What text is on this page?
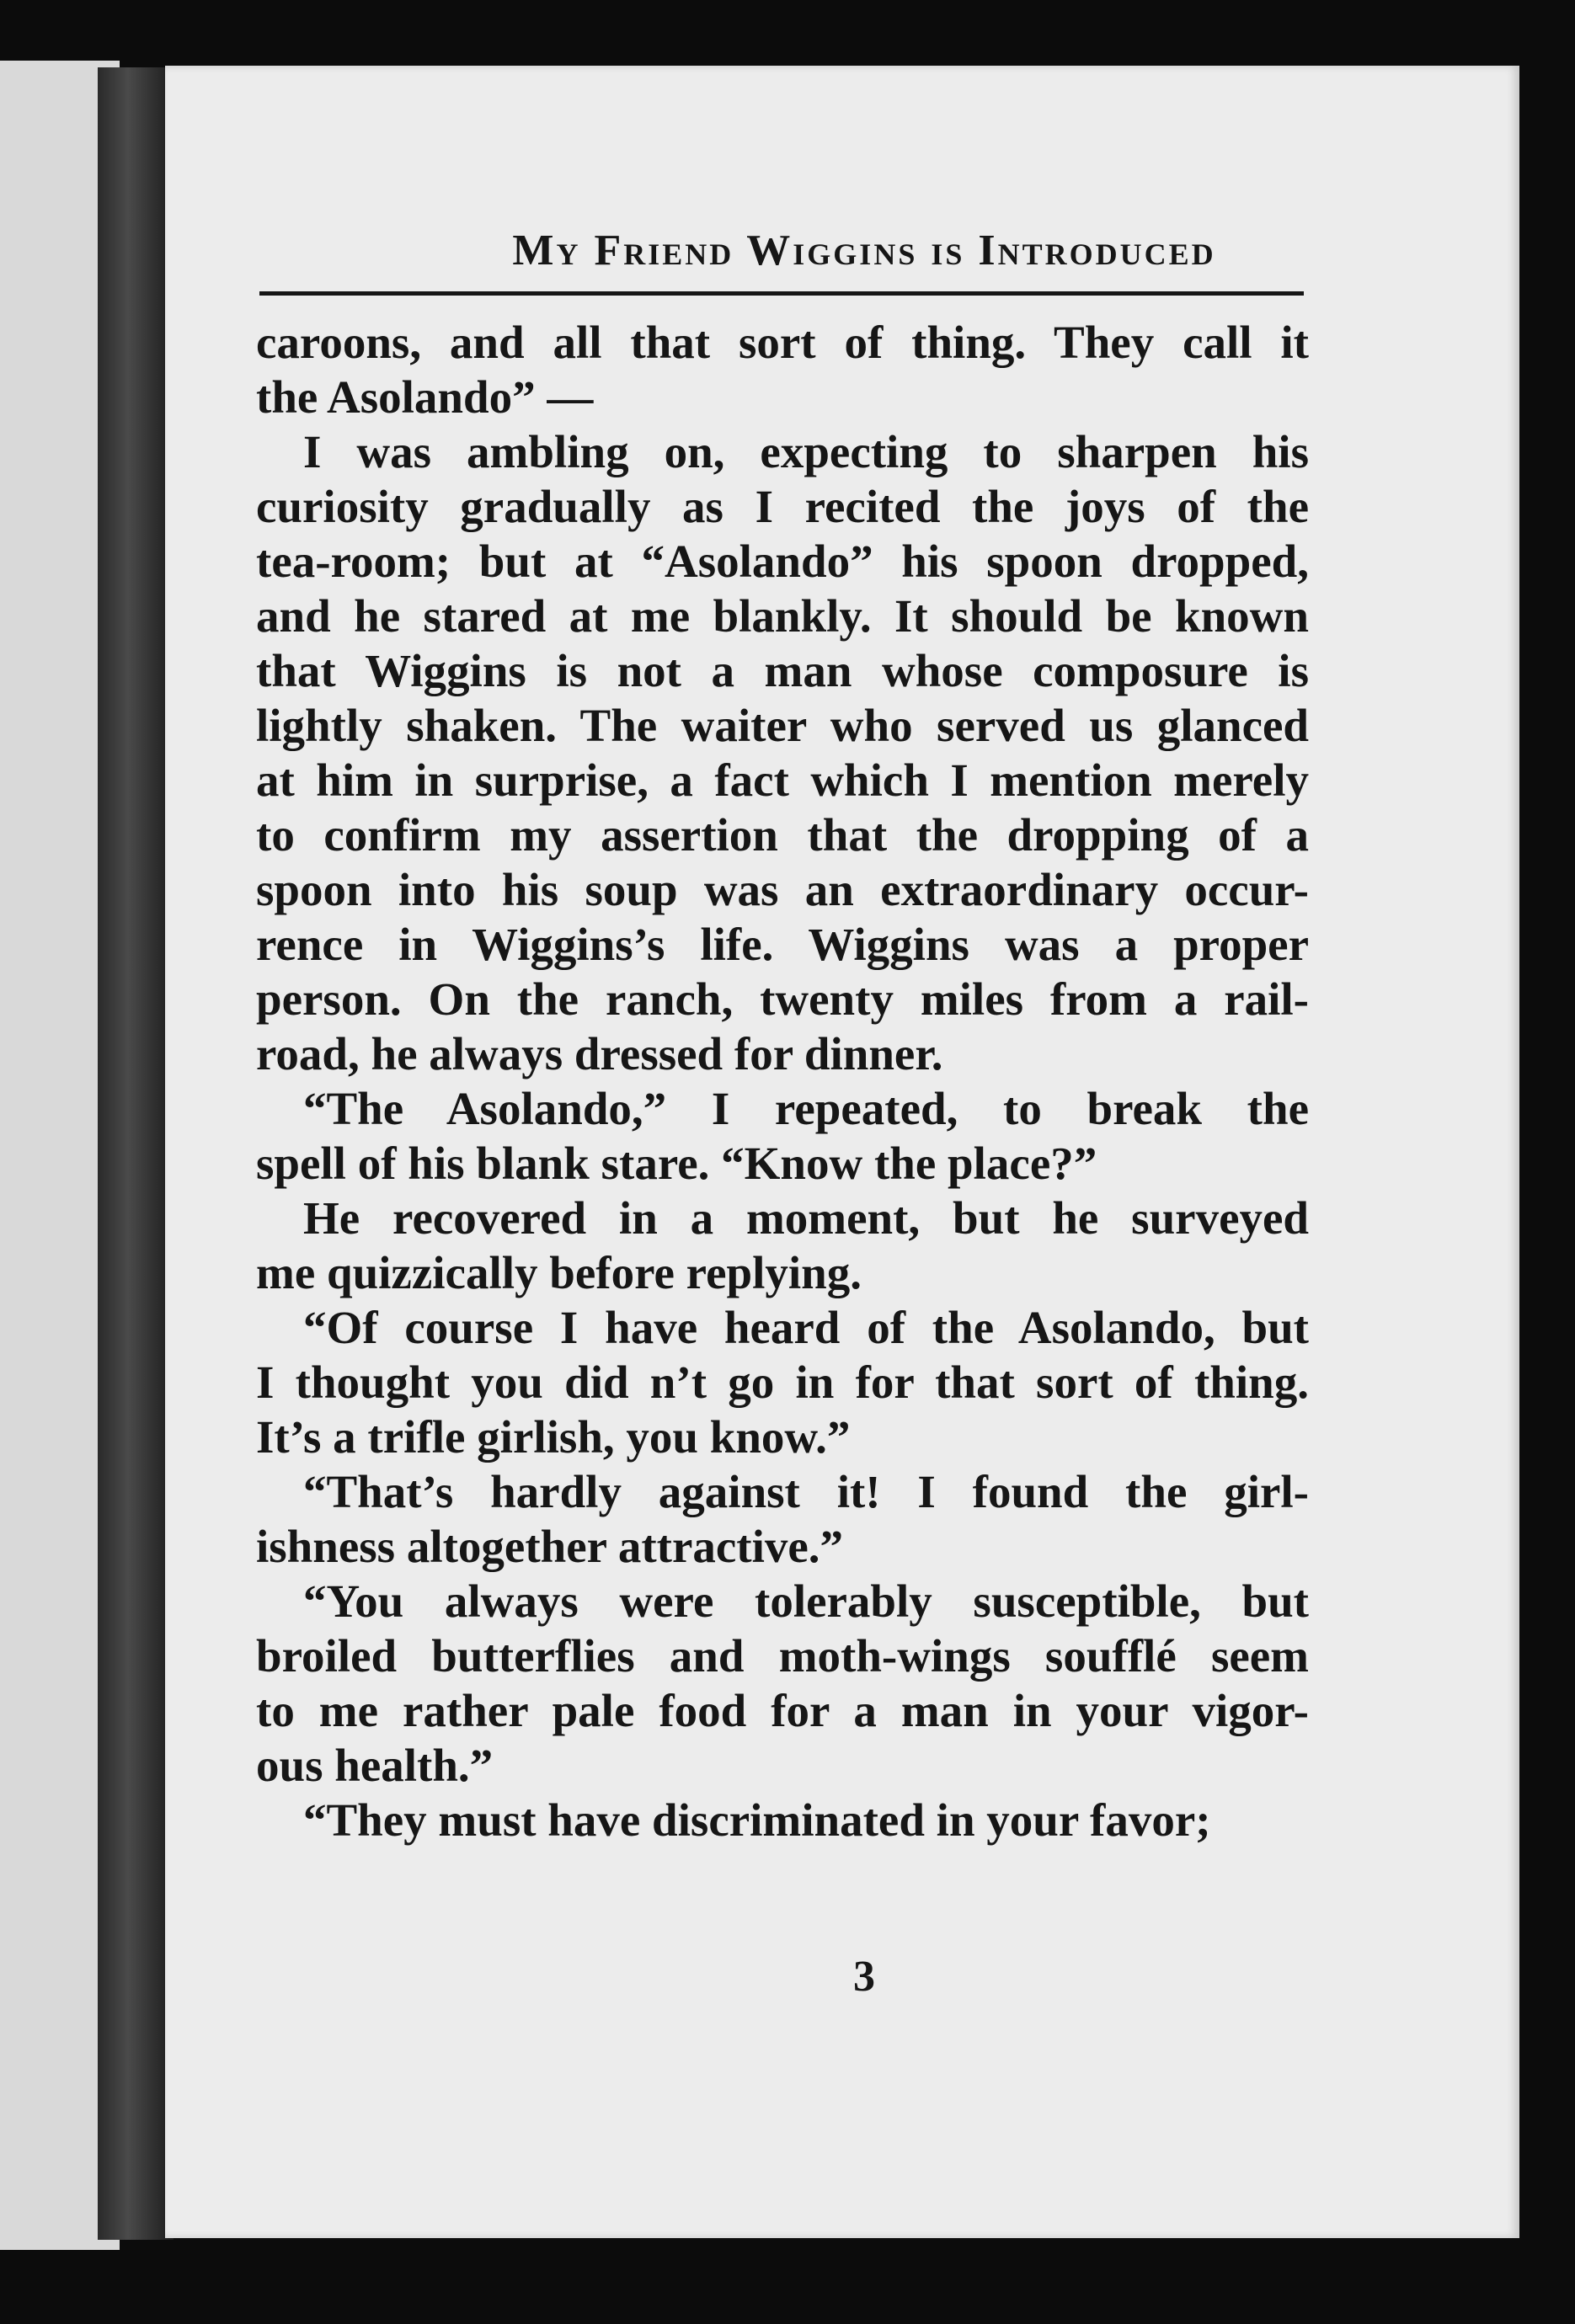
My Friend Wiggins is Introduced
caroons, and all that sort of thing. They call it
the Asolando” —
I was ambling on, expecting to sharpen his
curiosity gradually as I recited the joys of the
tea-room; but at “Asolando” his spoon dropped,
and he stared at me blankly. It should be known
that Wiggins is not a man whose composure is
lightly shaken. The waiter who served us glanced
at him in surprise, a fact which I mention merely
to confirm my assertion that the dropping of a
spoon into his soup was an extraordinary occur-
rence in Wiggins’s life. Wiggins was a proper
person. On the ranch, twenty miles from a rail-
road, he always dressed for dinner.
“The Asolando,” I repeated, to break the
spell of his blank stare. “Know the place?”
He recovered in a moment, but he surveyed
me quizzically before replying.
“Of course I have heard of the Asolando, but
I thought you did n’t go in for that sort of thing.
It’s a trifle girlish, you know.”
“That’s hardly against it! I found the girl-
ishness altogether attractive.”
“You always were tolerably susceptible, but
broiled butterflies and moth-wings soufflé seem
to me rather pale food for a man in your vigor-
ous health.”
“They must have discriminated in your favor;
3
